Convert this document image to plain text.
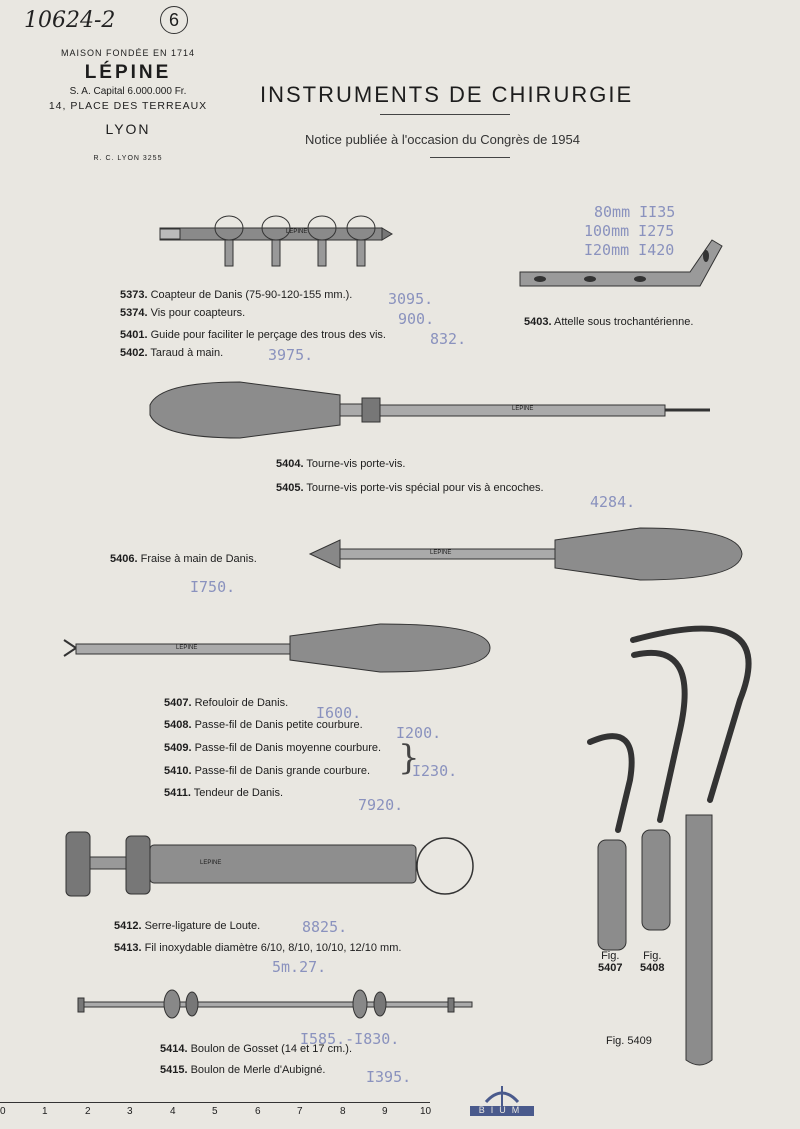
10624-2	6
MAISON FONDÉE EN 1714
LÉPINE
S. A. Capital 6.000.000 Fr.
14, PLACE DES TERREAUX
LYON
R. C. LYON 3255
INSTRUMENTS DE CHIRURGIE
Notice publiée à l'occasion du Congrès de 1954
LEPINE
LEPINE
LEPINE
LEPINE
LEPINE
5373. Coapteur de Danis (75-90-120-155 mm.).
5374. Vis pour coapteurs.
5401. Guide pour faciliter le perçage des trous des vis.
5402. Taraud à main.
5403. Attelle sous trochantérienne.
5404. Tourne-vis porte-vis.
5405. Tourne-vis porte-vis spécial pour vis à encoches.
5406. Fraise à main de Danis.
5407. Refouloir de Danis.
5408. Passe-fil de Danis petite courbure.
5409. Passe-fil de Danis moyenne courbure.
5410. Passe-fil de Danis grande courbure.
5411. Tendeur de Danis.
5412. Serre-ligature de Loute.
5413. Fil inoxydable diamètre 6/10, 8/10, 10/10, 12/10 mm.
5414. Boulon de Gosset (14 et 17 cm.).
5415. Boulon de Merle d'Aubigné.
}
3095.
900.
832.
3975.
80mm II35
100mm I275
I20mm I420
4284.
I750.
I600.
I200.
I230.
7920.
8825.
5m.27.
I585.-I830.
I395.
Fig.
5407
Fig.
5408
Fig. 5409
0	1	2	3	4	5	6	7	8	9	10	BIUM
